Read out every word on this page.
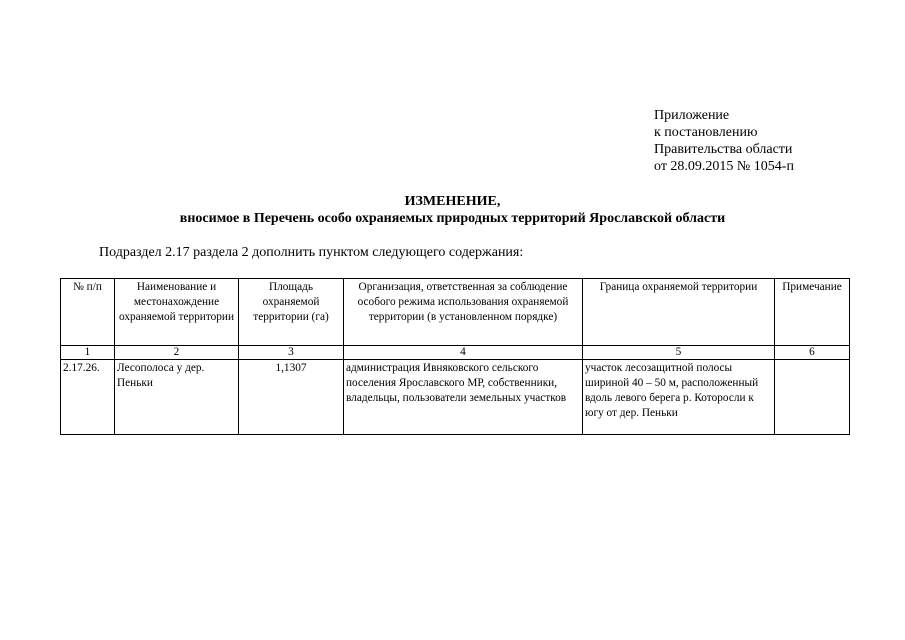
Приложение
к постановлению
Правительства области
от 28.09.2015 № 1054-п
ИЗМЕНЕНИЕ,
вносимое в Перечень особо охраняемых природных территорий Ярославской области
Подраздел 2.17 раздела 2 дополнить пунктом следующего содержания:
№ п/п	Наименование и местонахождение охраняемой территории	Площадь охраняемой территории (га)	Организация, ответственная за соблюдение особого режима использования охраняемой территории (в установленном порядке)	Граница охраняемой территории	Примечание
1	2	3	4	5	6
2.17.26.	Лесополоса у дер. Пеньки	1,1307	администрация Ивняковского сельского поселения Ярославского МР, собственники, владельцы, пользователи земельных участков	участок лесозащитной полосы шириной 40 – 50 м, расположенный вдоль левого берега р. Которосли к югу от дер. Пеньки	
